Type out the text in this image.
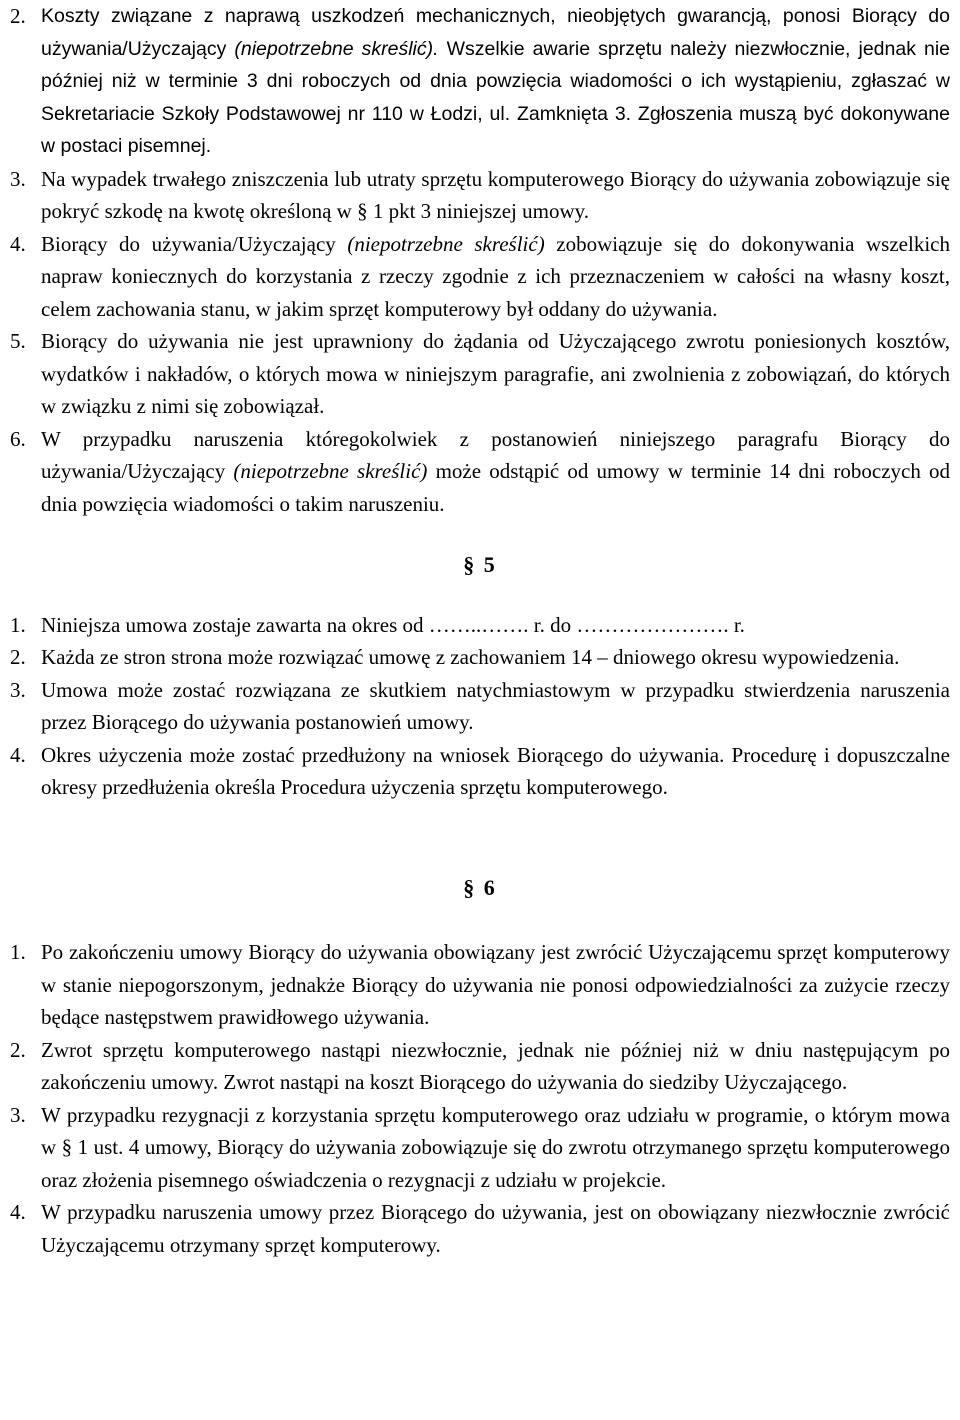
2. Koszty związane z naprawą uszkodzeń mechanicznych, nieobjętych gwarancją, ponosi Biorący do używania/Użyczający (niepotrzebne skreślić). Wszelkie awarie sprzętu należy niezwłocznie, jednak nie później niż w terminie 3 dni roboczych od dnia powzięcia wiadomości o ich wystąpieniu, zgłaszać w Sekretariacie Szkoły Podstawowej nr 110 w Łodzi, ul. Zamknięta 3. Zgłoszenia muszą być dokonywane w postaci pisemnej.
3. Na wypadek trwałego zniszczenia lub utraty sprzętu komputerowego Biorący do używania zobowiązuje się pokryć szkodę na kwotę określoną w § 1 pkt 3 niniejszej umowy.
4. Biorący do używania/Użyczający (niepotrzebne skreślić) zobowiązuje się do dokonywania wszelkich napraw koniecznych do korzystania z rzeczy zgodnie z ich przeznaczeniem w całości na własny koszt, celem zachowania stanu, w jakim sprzęt komputerowy był oddany do używania.
5. Biorący do używania nie jest uprawniony do żądania od Użyczającego zwrotu poniesionych kosztów, wydatków i nakładów, o których mowa w niniejszym paragrafie, ani zwolnienia z zobowiązań, do których w związku z nimi się zobowiązał.
6. W przypadku naruszenia któregokolwiek z postanowień niniejszego paragrafu Biorący do używania/Użyczający (niepotrzebne skreślić) może odstąpić od umowy w terminie 14 dni roboczych od dnia powzięcia wiadomości o takim naruszeniu.
§ 5
1. Niniejsza umowa zostaje zawarta na okres od ……..……. r. do …………………. r.
2. Każda ze stron strona może rozwiązać umowę z zachowaniem 14 – dniowego okresu wypowiedzenia.
3. Umowa może zostać rozwiązana ze skutkiem natychmiastowym w przypadku stwierdzenia naruszenia przez Biorącego do używania postanowień umowy.
4. Okres użyczenia może zostać przedłużony na wniosek Biorącego do używania. Procedurę i dopuszczalne okresy przedłużenia określa Procedura użyczenia sprzętu komputerowego.
§ 6
1. Po zakończeniu umowy Biorący do używania obowiązany jest zwrócić Użyczającemu sprzęt komputerowy w stanie niepogorszonym, jednakże Biorący do używania nie ponosi odpowiedzialności za zużycie rzeczy będące następstwem prawidłowego używania.
2. Zwrot sprzętu komputerowego nastąpi niezwłocznie, jednak nie później niż w dniu następującym po zakończeniu umowy. Zwrot nastąpi na koszt Biorącego do używania do siedziby Użyczającego.
3. W przypadku rezygnacji z korzystania sprzętu komputerowego oraz udziału w programie, o którym mowa w § 1 ust. 4 umowy, Biorący do używania zobowiązuje się do zwrotu otrzymanego sprzętu komputerowego oraz złożenia pisemnego oświadczenia o rezygnacji z udziału w projekcie.
4. W przypadku naruszenia umowy przez Biorącego do używania, jest on obowiązany niezwłocznie zwrócić Użyczającemu otrzymany sprzęt komputerowy.
